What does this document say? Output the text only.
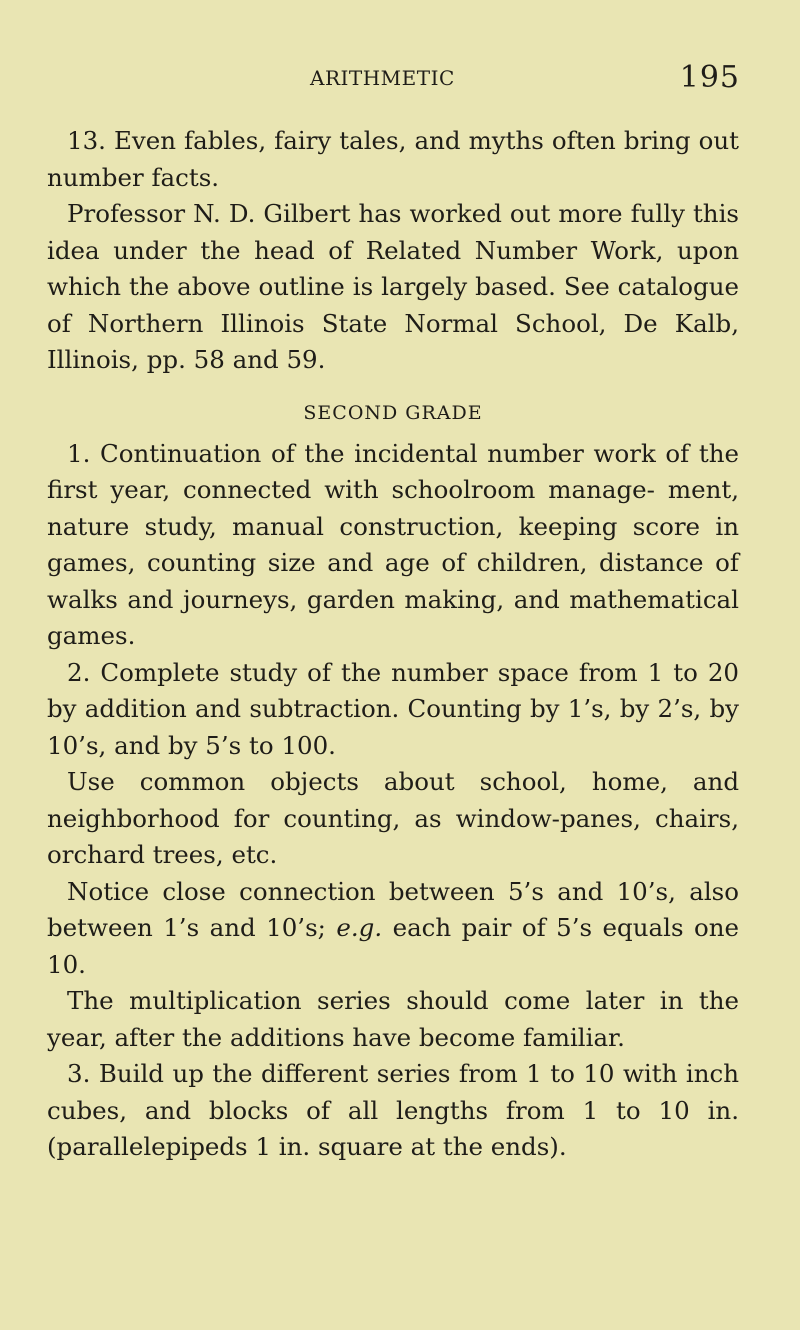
ARITHMETIC	195

13. Even fables, fairy tales, and myths often bring out number facts.

Professor N. D. Gilbert has worked out more fully this idea under the head of Related Number Work, upon which the above outline is largely based. See catalogue of Northern Illinois State Normal School, De Kalb, Illinois, pp. 58 and 59.

SECOND GRADE

1. Continuation of the incidental number work of the first year, connected with schoolroom manage- ment, nature study, manual construction, keeping score in games, counting size and age of children, distance of walks and journeys, garden making, and mathematical games.

2. Complete study of the number space from 1 to 20 by addition and subtraction. Counting by 1’s, by 2’s, by 10’s, and by 5’s to 100.

Use common objects about school, home, and neighborhood for counting, as window-panes, chairs, orchard trees, etc.

Notice close connection between 5’s and 10’s, also between 1’s and 10’s; e.g. each pair of 5’s equals one 10.

The multiplication series should come later in the year, after the additions have become familiar.

3. Build up the different series from 1 to 10 with inch cubes, and blocks of all lengths from 1 to 10 in. (parallelepipeds 1 in. square at the ends).
